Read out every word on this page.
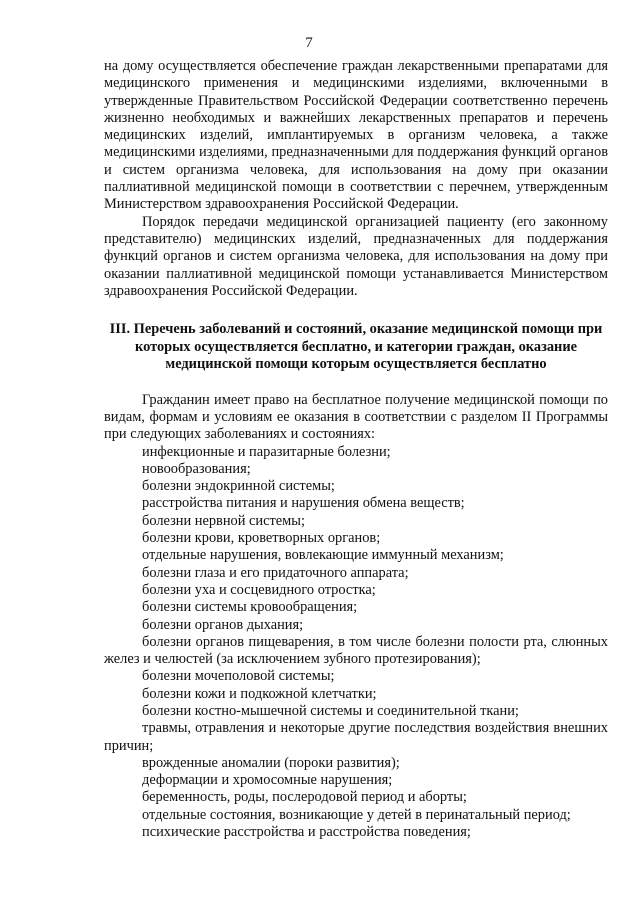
7

на дому осуществляется обеспечение граждан лекарственными препаратами для медицинского применения и медицинскими изделиями, включенными в утвержденные Правительством Российской Федерации соответственно перечень жизненно необходимых и важнейших лекарственных препаратов и перечень медицинских изделий, имплантируемых в организм человека, а также медицинскими изделиями, предназначенными для поддержания функций органов и систем организма человека, для использования на дому при оказании паллиативной медицинской помощи в соответствии с перечнем, утвержденным Министерством здравоохранения Российской Федерации.

Порядок передачи медицинской организацией пациенту (его законному представителю) медицинских изделий, предназначенных для поддержания функций органов и систем организма человека, для использования на дому при оказании паллиативной медицинской помощи устанавливается Министерством здравоохранения Российской Федерации.

III. Перечень заболеваний и состояний, оказание медицинской помощи при которых осуществляется бесплатно, и категории граждан, оказание медицинской помощи которым осуществляется бесплатно

Гражданин имеет право на бесплатное получение медицинской помощи по видам, формам и условиям ее оказания в соответствии с разделом II Программы при следующих заболеваниях и состояниях:

инфекционные и паразитарные болезни;
новообразования;
болезни эндокринной системы;
расстройства питания и нарушения обмена веществ;
болезни нервной системы;
болезни крови, кроветворных органов;
отдельные нарушения, вовлекающие иммунный механизм;
болезни глаза и его придаточного аппарата;
болезни уха и сосцевидного отростка;
болезни системы кровообращения;
болезни органов дыхания;
болезни органов пищеварения, в том числе болезни полости рта, слюнных желез и челюстей (за исключением зубного протезирования);
болезни мочеполовой системы;
болезни кожи и подкожной клетчатки;
болезни костно-мышечной системы и соединительной ткани;
травмы, отравления и некоторые другие последствия воздействия внешних причин;
врожденные аномалии (пороки развития);
деформации и хромосомные нарушения;
беременность, роды, послеродовой период и аборты;
отдельные состояния, возникающие у детей в перинатальный период;
психические расстройства и расстройства поведения;
